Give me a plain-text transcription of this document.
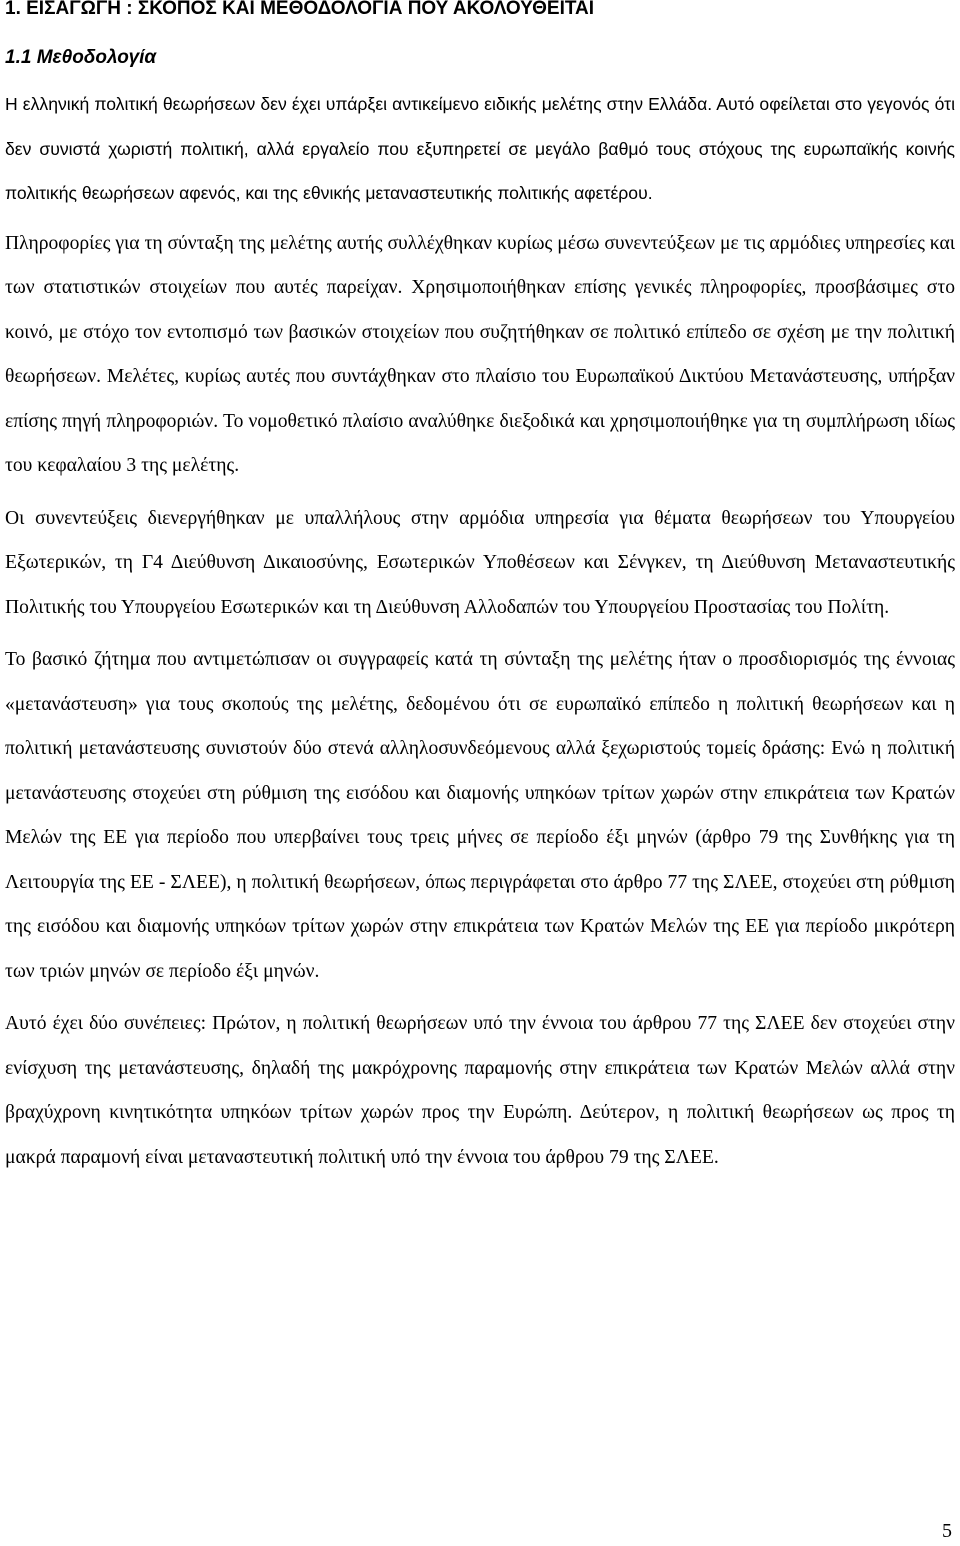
1. ΕΙΣΑΓΩΓΗ : ΣΚΟΠΟΣ ΚΑΙ ΜΕΘΟΔΟΛΟΓΙΑ ΠΟΥ ΑΚΟΛΟΥΘΕΙΤΑΙ
1.1 Μεθοδολογία

Η ελληνική πολιτική θεωρήσεων δεν έχει υπάρξει αντικείμενο ειδικής μελέτης στην Ελλάδα. Αυτό οφείλεται στο γεγονός ότι δεν συνιστά χωριστή πολιτική, αλλά εργαλείο που εξυπηρετεί σε μεγάλο βαθμό τους στόχους της ευρωπαϊκής κοινής πολιτικής θεωρήσεων αφενός, και της εθνικής μεταναστευτικής πολιτικής αφετέρου.

Πληροφορίες για τη σύνταξη της μελέτης αυτής συλλέχθηκαν κυρίως μέσω συνεντεύξεων με τις αρμόδιες υπηρεσίες και των στατιστικών στοιχείων που αυτές παρείχαν. Χρησιμοποιήθηκαν επίσης γενικές πληροφορίες, προσβάσιμες στο κοινό, με στόχο τον εντοπισμό των βασικών στοιχείων που συζητήθηκαν σε πολιτικό επίπεδο σε σχέση με την πολιτική θεωρήσεων. Μελέτες, κυρίως αυτές που συντάχθηκαν στο πλαίσιο του Ευρωπαϊκού Δικτύου Μετανάστευσης, υπήρξαν επίσης πηγή πληροφοριών. Το νομοθετικό πλαίσιο αναλύθηκε διεξοδικά και χρησιμοποιήθηκε για τη συμπλήρωση ιδίως του κεφαλαίου 3 της μελέτης.

Οι συνεντεύξεις διενεργήθηκαν με υπαλλήλους στην αρμόδια υπηρεσία για θέματα θεωρήσεων του Υπουργείου Εξωτερικών, τη Γ4 Διεύθυνση Δικαιοσύνης, Εσωτερικών Υποθέσεων και Σένγκεν, τη Διεύθυνση Μεταναστευτικής Πολιτικής του Υπουργείου Εσωτερικών και τη Διεύθυνση Αλλοδαπών του Υπουργείου Προστασίας του Πολίτη.

Το βασικό ζήτημα που αντιμετώπισαν οι συγγραφείς κατά τη σύνταξη της μελέτης ήταν ο προσδιορισμός της έννοιας «μετανάστευση» για τους σκοπούς της μελέτης, δεδομένου ότι σε ευρωπαϊκό επίπεδο η πολιτική θεωρήσεων και η πολιτική μετανάστευσης συνιστούν δύο στενά αλληλοσυνδεόμενους αλλά ξεχωριστούς τομείς δράσης: Ενώ η πολιτική μετανάστευσης στοχεύει στη ρύθμιση της εισόδου και διαμονής υπηκόων τρίτων χωρών στην επικράτεια των Κρατών Μελών της ΕΕ για περίοδο που υπερβαίνει τους τρεις μήνες σε περίοδο έξι μηνών (άρθρο 79 της Συνθήκης για τη Λειτουργία της ΕΕ - ΣΛΕΕ), η πολιτική θεωρήσεων, όπως περιγράφεται στο άρθρο 77 της ΣΛΕΕ, στοχεύει στη ρύθμιση της εισόδου και διαμονής υπηκόων τρίτων χωρών στην επικράτεια των Κρατών Μελών της ΕΕ για περίοδο μικρότερη των τριών μηνών σε περίοδο έξι μηνών.

Αυτό έχει δύο συνέπειες: Πρώτον, η πολιτική θεωρήσεων υπό την έννοια του άρθρου 77 της ΣΛΕΕ δεν στοχεύει στην ενίσχυση της μετανάστευσης, δηλαδή της μακρόχρονης παραμονής στην επικράτεια των Κρατών Μελών αλλά στην βραχύχρονη κινητικότητα υπηκόων τρίτων χωρών προς την Ευρώπη. Δεύτερον, η πολιτική θεωρήσεων ως προς τη μακρά παραμονή είναι μεταναστευτική πολιτική υπό την έννοια του άρθρου 79 της ΣΛΕΕ.

5
